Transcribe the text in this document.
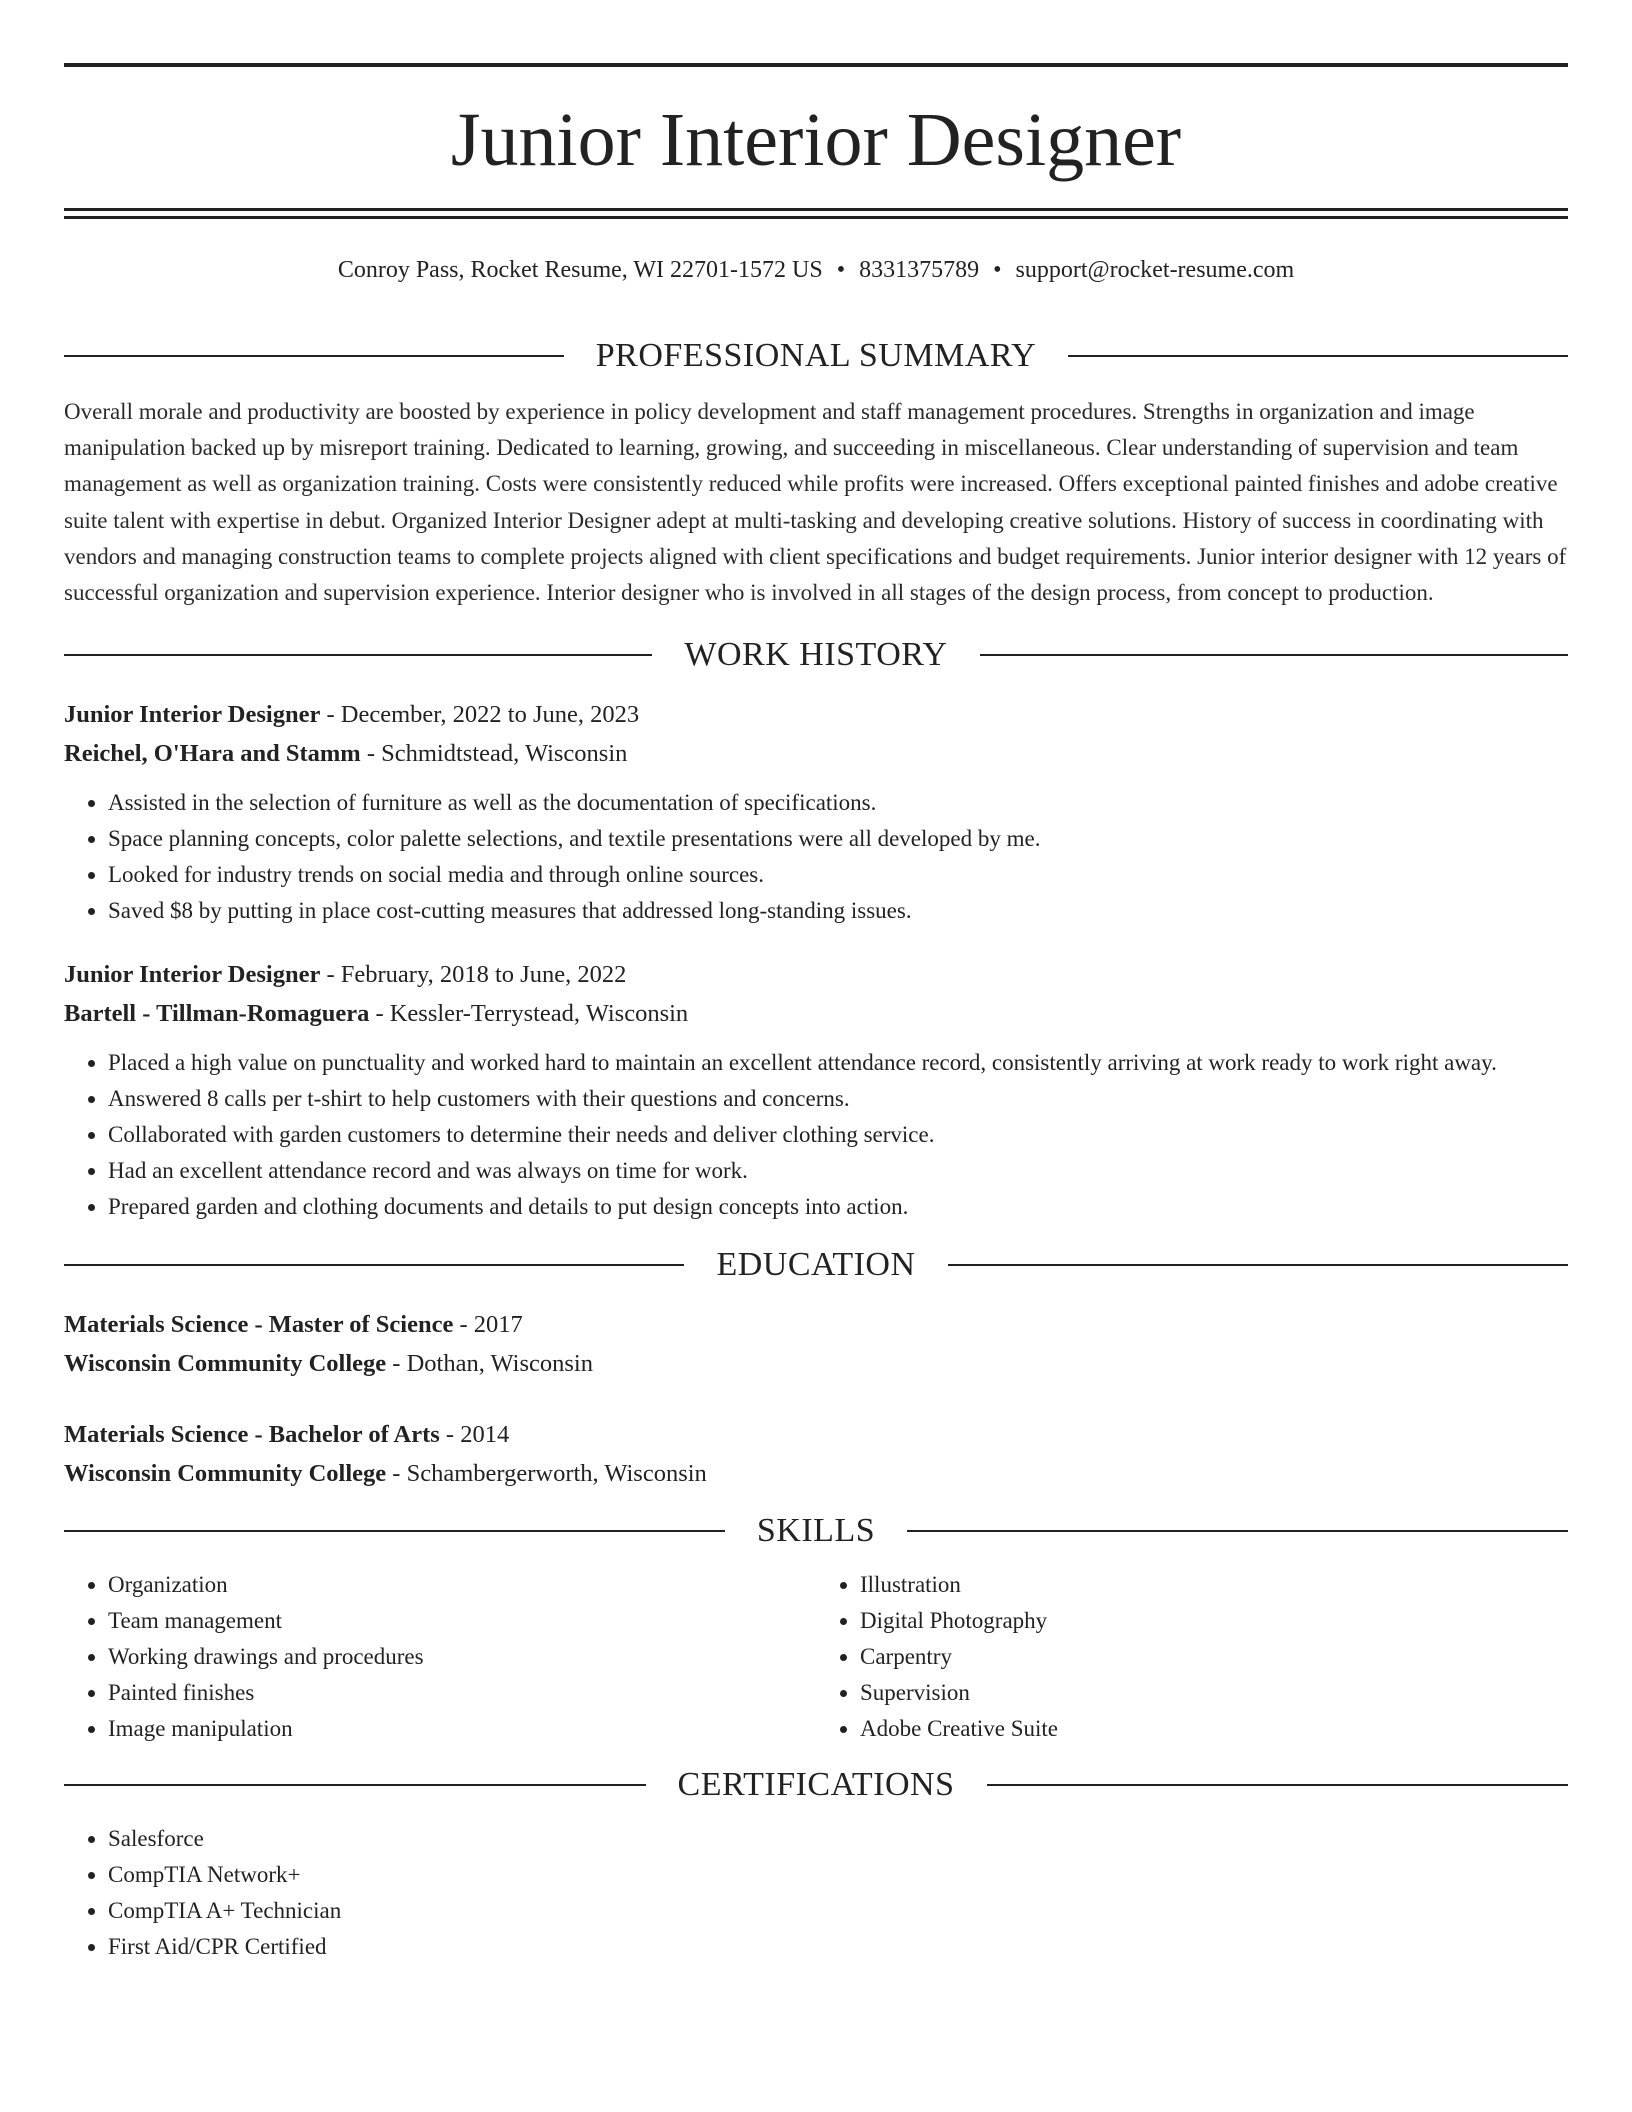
Junior Interior Designer
Conroy Pass, Rocket Resume, WI 22701-1572 US • 8331375789 • support@rocket-resume.com
PROFESSIONAL SUMMARY

Overall morale and productivity are boosted by experience in policy development and staff management procedures. Strengths in organization and image manipulation backed up by misreport training. Dedicated to learning, growing, and succeeding in miscellaneous. Clear understanding of supervision and team management as well as organization training. Costs were consistently reduced while profits were increased. Offers exceptional painted finishes and adobe creative suite talent with expertise in debut. Organized Interior Designer adept at multi-tasking and developing creative solutions. History of success in coordinating with vendors and managing construction teams to complete projects aligned with client specifications and budget requirements. Junior interior designer with 12 years of successful organization and supervision experience. Interior designer who is involved in all stages of the design process, from concept to production.

WORK HISTORY
Junior Interior Designer - December, 2022 to June, 2023
Reichel, O'Hara and Stamm - Schmidtstead, Wisconsin
• Assisted in the selection of furniture as well as the documentation of specifications.
• Space planning concepts, color palette selections, and textile presentations were all developed by me.
• Looked for industry trends on social media and through online sources.
• Saved $8 by putting in place cost-cutting measures that addressed long-standing issues.
Junior Interior Designer - February, 2018 to June, 2022
Bartell - Tillman-Romaguera - Kessler-Terrystead, Wisconsin
• Placed a high value on punctuality and worked hard to maintain an excellent attendance record, consistently arriving at work ready to work right away.
• Answered 8 calls per t-shirt to help customers with their questions and concerns.
• Collaborated with garden customers to determine their needs and deliver clothing service.
• Had an excellent attendance record and was always on time for work.
• Prepared garden and clothing documents and details to put design concepts into action.
EDUCATION
Materials Science - Master of Science - 2017
Wisconsin Community College - Dothan, Wisconsin
Materials Science - Bachelor of Arts - 2014
Wisconsin Community College - Schambergerworth, Wisconsin
SKILLS
• Organization
• Team management
• Working drawings and procedures
• Painted finishes
• Image manipulation
• Illustration
• Digital Photography
• Carpentry
• Supervision
• Adobe Creative Suite
CERTIFICATIONS
• Salesforce
• CompTIA Network+
• CompTIA A+ Technician
• First Aid/CPR Certified
